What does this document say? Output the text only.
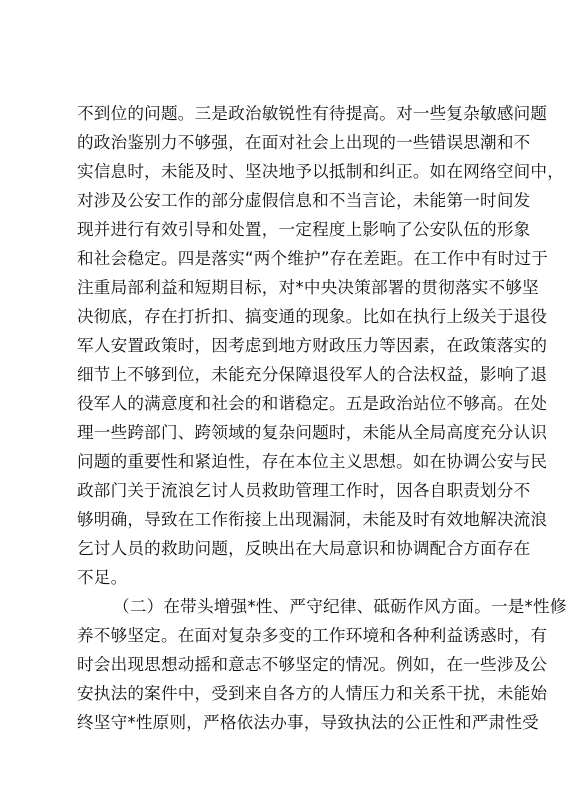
不到位的问题。三是政治敏锐性有待提高。对一些复杂敏感问题
的政治鉴别力不够强，在面对社会上出现的一些错误思潮和不
实信息时，未能及时、坚决地予以抵制和纠正。如在网络空间中，
对涉及公安工作的部分虚假信息和不当言论，未能第一时间发
现并进行有效引导和处置，一定程度上影响了公安队伍的形象
和社会稳定。四是落实“两个维护”存在差距。在工作中有时过于
注重局部利益和短期目标，对*中央决策部署的贯彻落实不够坚
决彻底，存在打折扣、搞变通的现象。比如在执行上级关于退役
军人安置政策时，因考虑到地方财政压力等因素，在政策落实的
细节上不够到位，未能充分保障退役军人的合法权益，影响了退
役军人的满意度和社会的和谐稳定。五是政治站位不够高。在处
理一些跨部门、跨领域的复杂问题时，未能从全局高度充分认识
问题的重要性和紧迫性，存在本位主义思想。如在协调公安与民
政部门关于流浪乞讨人员救助管理工作时，因各自职责划分不
够明确，导致在工作衔接上出现漏洞，未能及时有效地解决流浪
乞讨人员的救助问题，反映出在大局意识和协调配合方面存在
不足。
（二）在带头增强*性、严守纪律、砥砺作风方面。一是*性修
养不够坚定。在面对复杂多变的工作环境和各种利益诱惑时，有
时会出现思想动摇和意志不够坚定的情况。例如，在一些涉及公
安执法的案件中，受到来自各方的人情压力和关系干扰，未能始
终坚守*性原则，严格依法办事，导致执法的公正性和严肃性受
